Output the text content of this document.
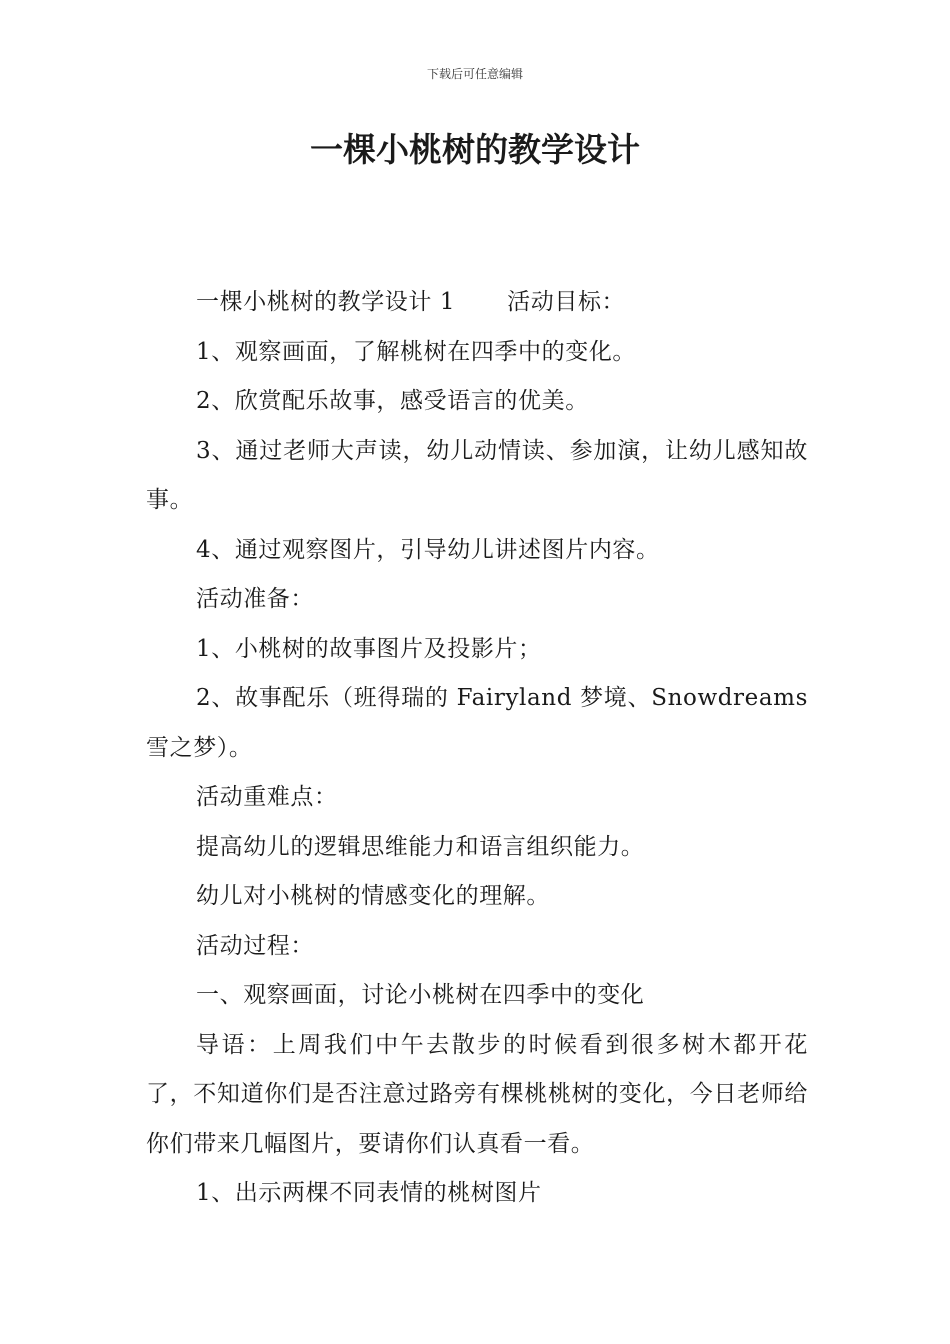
下载后可任意编辑
一棵小桃树的教学设计

一棵小桃树的教学设计 1 活动目标：

1、观察画面，了解桃树在四季中的变化。

2、欣赏配乐故事，感受语言的优美。

3、通过老师大声读，幼儿动情读、参加演，让幼儿感知故事。

4、通过观察图片，引导幼儿讲述图片内容。

活动准备：

1、小桃树的故事图片及投影片；

2、故事配乐（班得瑞的 Fairyland 梦境、Snowdreams 雪之梦）。

活动重难点：

提高幼儿的逻辑思维能力和语言组织能力。

幼儿对小桃树的情感变化的理解。

活动过程：

一、观察画面，讨论小桃树在四季中的变化

导语：上周我们中午去散步的时候看到很多树木都开花了，不知道你们是否注意过路旁有棵桃桃树的变化，今日老师给你们带来几幅图片，要请你们认真看一看。

1、出示两棵不同表情的桃树图片
